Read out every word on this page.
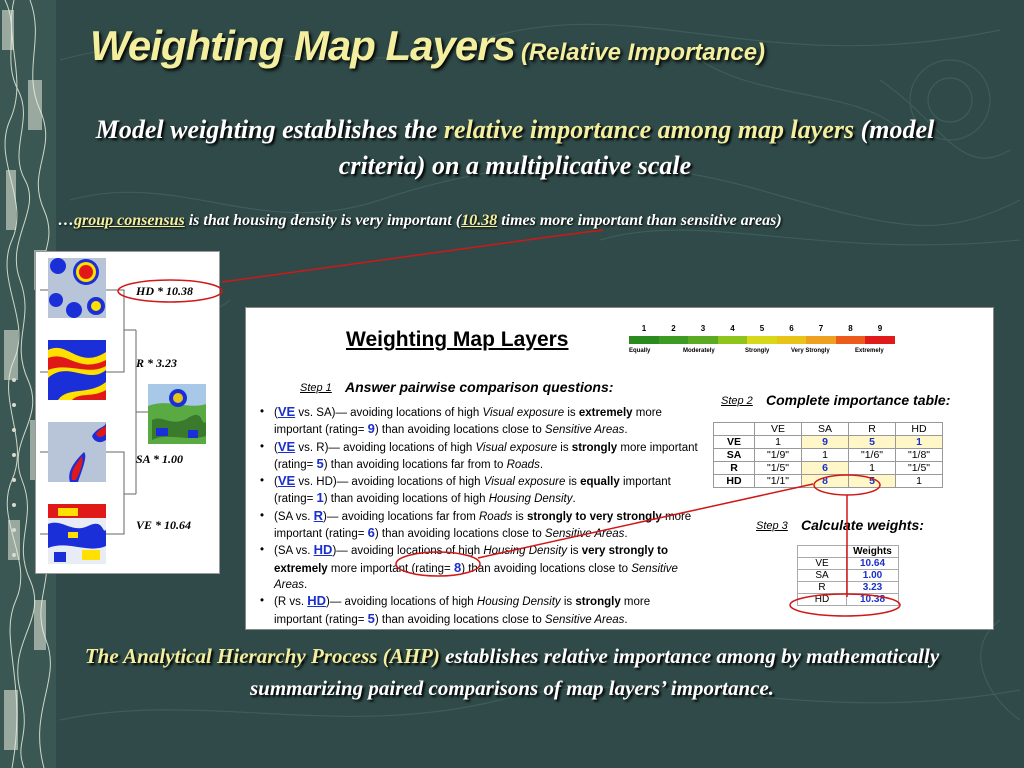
Weighting Map Layers (Relative Importance)
Model weighting establishes the relative importance among map layers (model criteria) on a multiplicative scale
…group consensus is that housing density is very important (10.38 times more important than sensitive areas)
HD * 10.38
R * 3.23
SA * 1.00
VE * 10.64
Weighting Map Layers	1	2	3	4	5	6	7	8	9
Equally	Moderately	Strongly	Very Strongly	Extremely
Step 1 Answer pairwise comparison questions:
• (VE vs. SA)— avoiding locations of high Visual exposure is extremely more important (rating= 9) than avoiding locations close to Sensitive Areas.
• (VE vs. R)— avoiding locations of high Visual exposure is strongly more important (rating= 5) than avoiding locations far from to Roads.
• (VE vs. HD)— avoiding locations of high Visual exposure is equally important (rating= 1) than avoiding locations of high Housing Density.
• (SA vs. R)— avoiding locations far from Roads is strongly to very strongly more important (rating= 6) than avoiding locations close to Sensitive Areas.
• (SA vs. HD)— avoiding locations of high Housing Density is very strongly to extremely more important (rating= 8) than avoiding locations close to Sensitive Areas.
• (R vs. HD)— avoiding locations of high Housing Density is strongly more important (rating= 5) than avoiding locations close to Sensitive Areas.
Step 2 Complete importance table:
	VE	SA	R	HD
VE	1	9	5	1
SA	"1/9"	1	"1/6"	"1/8"
R	"1/5"	6	1	"1/5"
HD	"1/1"	8	5	1
Step 3 Calculate weights:
	Weights
VE	10.64
SA	1.00
R	3.23
HD	10.38
The Analytical Hierarchy Process (AHP) establishes relative importance among by mathematically summarizing paired comparisons of map layers’ importance.
